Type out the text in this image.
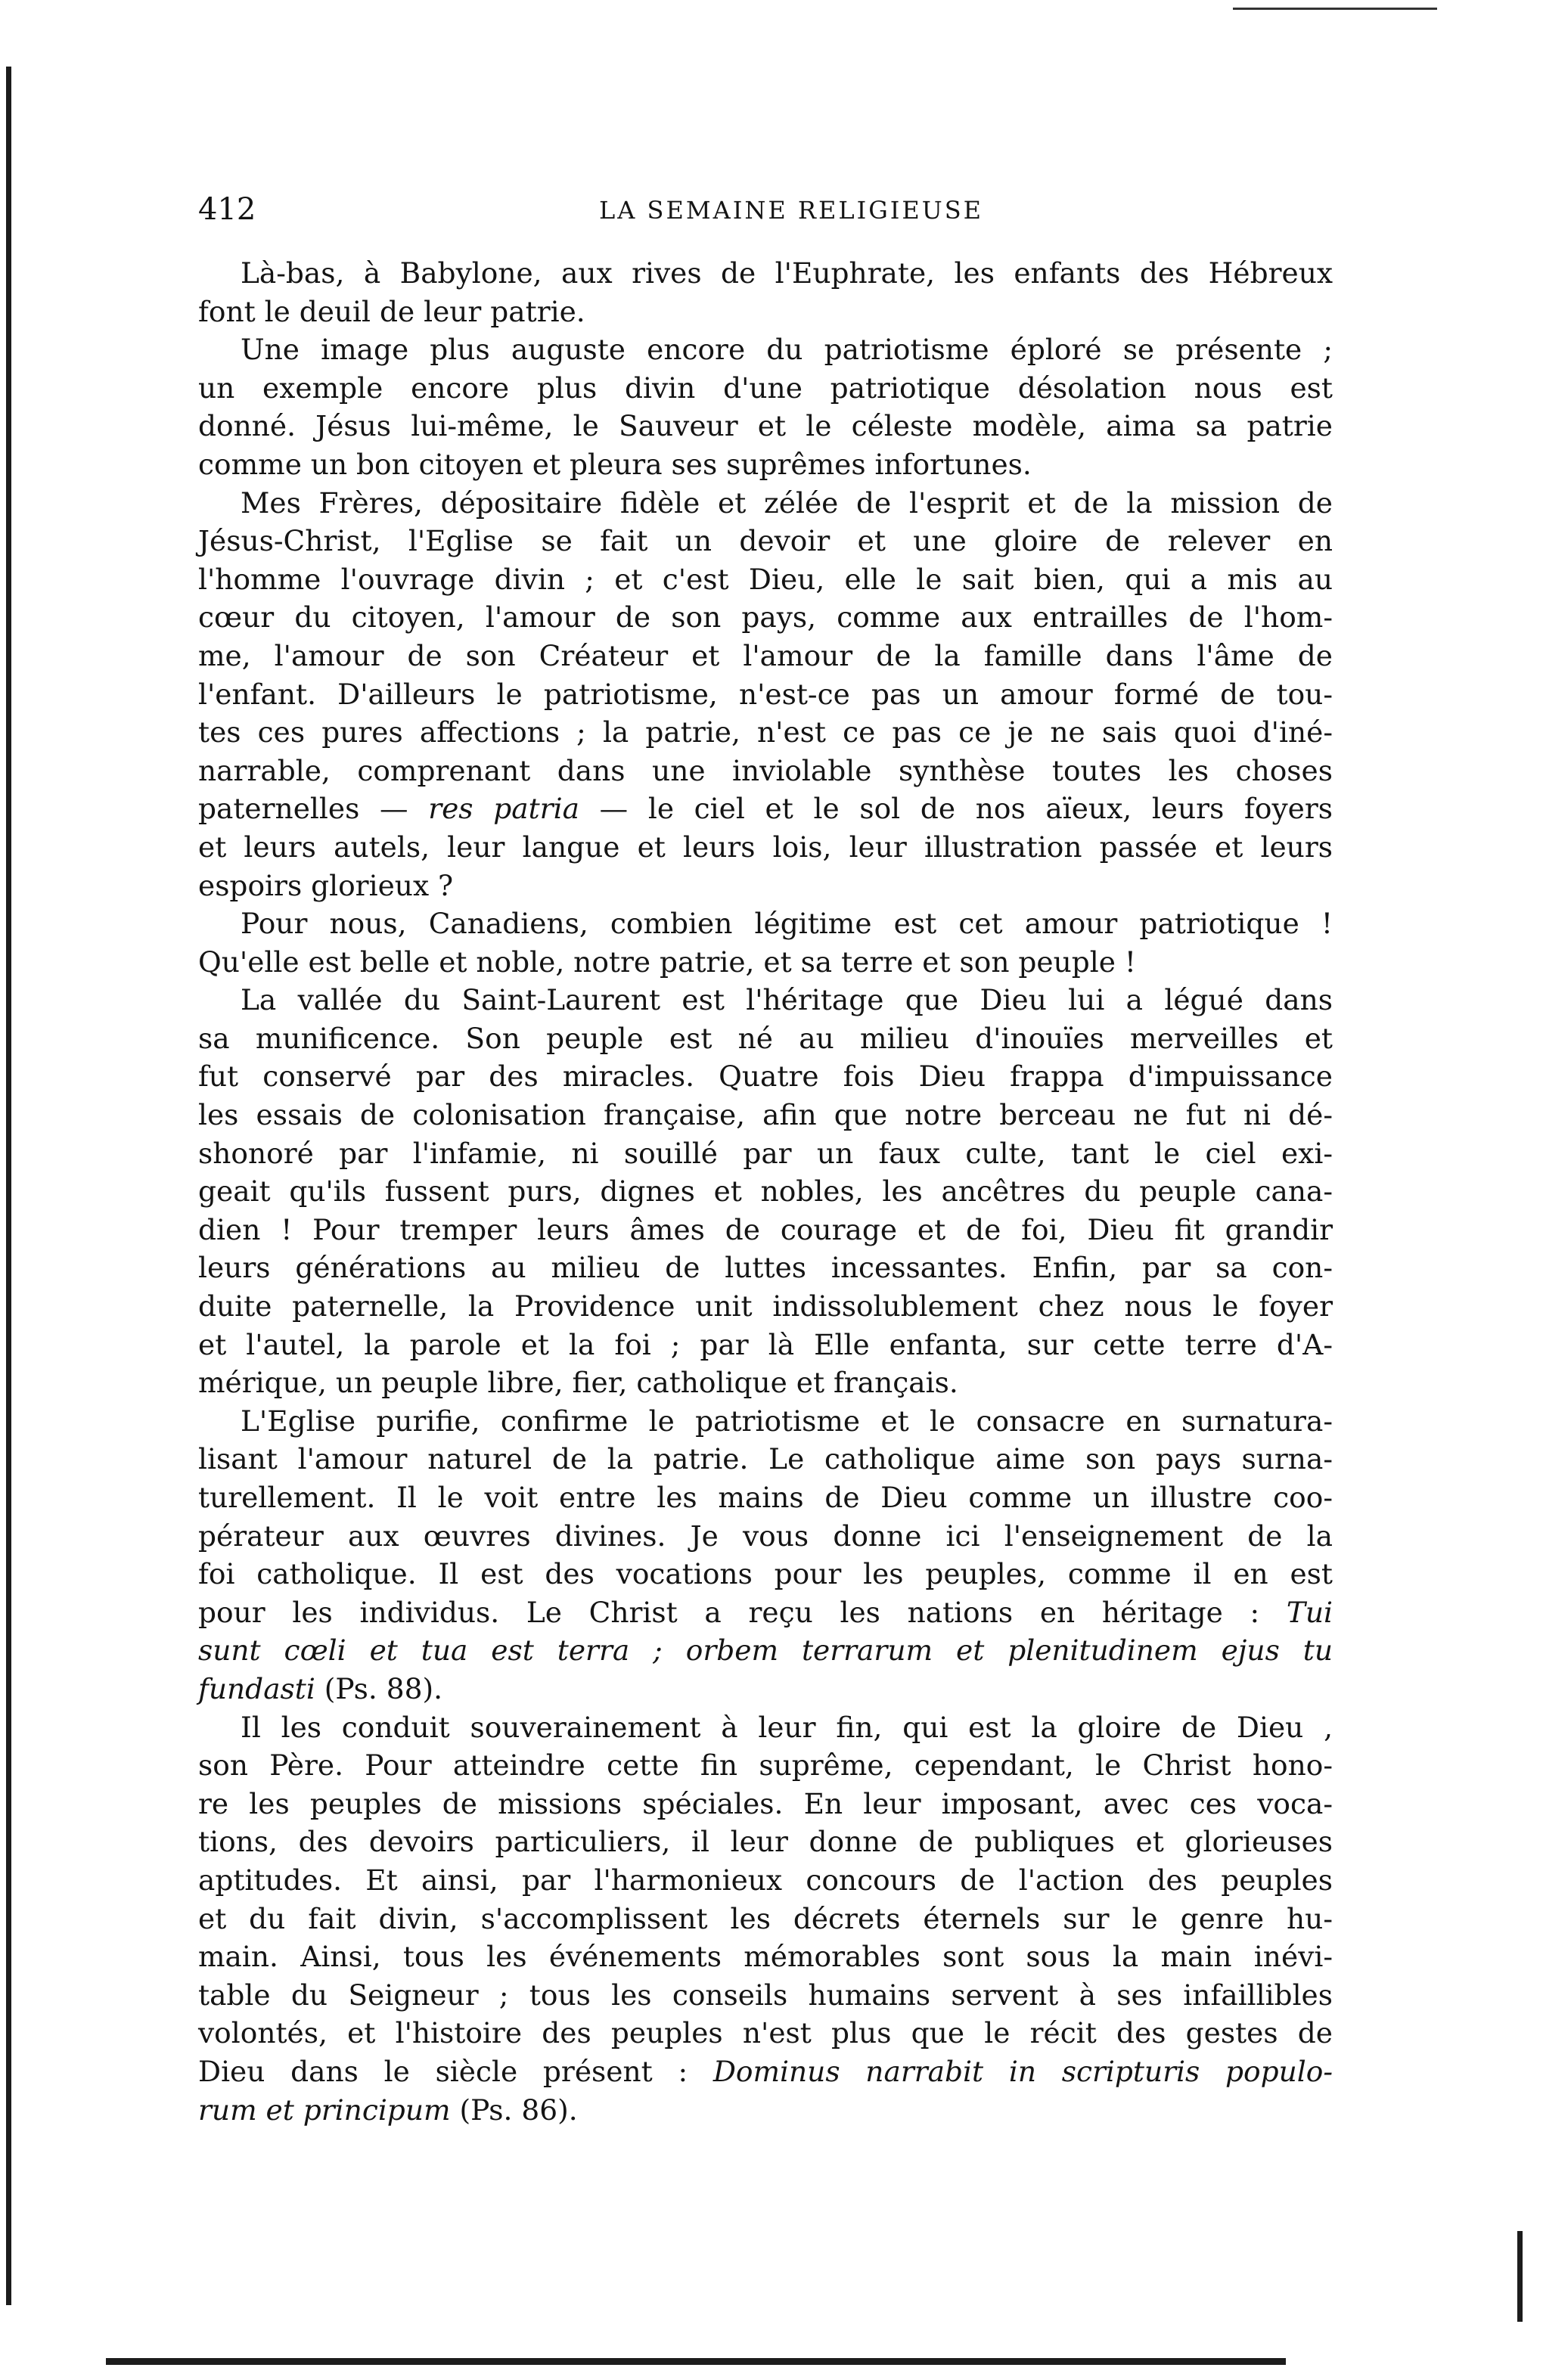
412	LA SEMAINE RELIGIEUSE
Là-bas, à Babylone, aux rives de l'Euphrate, les enfants des Hébreux
font le deuil de leur patrie.
Une image plus auguste encore du patriotisme éploré se présente ;
un exemple encore plus divin d'une patriotique désolation nous est
donné. Jésus lui-même, le Sauveur et le céleste modèle, aima sa patrie
comme un bon citoyen et pleura ses suprêmes infortunes.
Mes Frères, dépositaire fidèle et zélée de l'esprit et de la mission de
Jésus-Christ, l'Eglise se fait un devoir et une gloire de relever en
l'homme l'ouvrage divin ; et c'est Dieu, elle le sait bien, qui a mis au
cœur du citoyen, l'amour de son pays, comme aux entrailles de l'hom-
me, l'amour de son Créateur et l'amour de la famille dans l'âme de
l'enfant. D'ailleurs le patriotisme, n'est-ce pas un amour formé de tou-
tes ces pures affections ; la patrie, n'est ce pas ce je ne sais quoi d'iné-
narrable, comprenant dans une inviolable synthèse toutes les choses
paternelles — res patria — le ciel et le sol de nos aïeux, leurs foyers
et leurs autels, leur langue et leurs lois, leur illustration passée et leurs
espoirs glorieux ?
Pour nous, Canadiens, combien légitime est cet amour patriotique !
Qu'elle est belle et noble, notre patrie, et sa terre et son peuple !
La vallée du Saint-Laurent est l'héritage que Dieu lui a légué dans
sa munificence. Son peuple est né au milieu d'inouïes merveilles et
fut conservé par des miracles. Quatre fois Dieu frappa d'impuissance
les essais de colonisation française, afin que notre berceau ne fut ni dé-
shonoré par l'infamie, ni souillé par un faux culte, tant le ciel exi-
geait qu'ils fussent purs, dignes et nobles, les ancêtres du peuple cana-
dien ! Pour tremper leurs âmes de courage et de foi, Dieu fit grandir
leurs générations au milieu de luttes incessantes. Enfin, par sa con-
duite paternelle, la Providence unit indissolublement chez nous le foyer
et l'autel, la parole et la foi ; par là Elle enfanta, sur cette terre d'A-
mérique, un peuple libre, fier, catholique et français.
L'Eglise purifie, confirme le patriotisme et le consacre en surnatura-
lisant l'amour naturel de la patrie. Le catholique aime son pays surna-
turellement. Il le voit entre les mains de Dieu comme un illustre coo-
pérateur aux œuvres divines. Je vous donne ici l'enseignement de la
foi catholique. Il est des vocations pour les peuples, comme il en est
pour les individus. Le Christ a reçu les nations en héritage : Tui
sunt cœli et tua est terra ; orbem terrarum et plenitudinem ejus tu
fundasti (Ps. 88).
Il les conduit souverainement à leur fin, qui est la gloire de Dieu ,
son Père. Pour atteindre cette fin suprême, cependant, le Christ hono-
re les peuples de missions spéciales. En leur imposant, avec ces voca-
tions, des devoirs particuliers, il leur donne de publiques et glorieuses
aptitudes. Et ainsi, par l'harmonieux concours de l'action des peuples
et du fait divin, s'accomplissent les décrets éternels sur le genre hu-
main. Ainsi, tous les événements mémorables sont sous la main inévi-
table du Seigneur ; tous les conseils humains servent à ses infaillibles
volontés, et l'histoire des peuples n'est plus que le récit des gestes de
Dieu dans le siècle présent : Dominus narrabit in scripturis populo-
rum et principum (Ps. 86).
